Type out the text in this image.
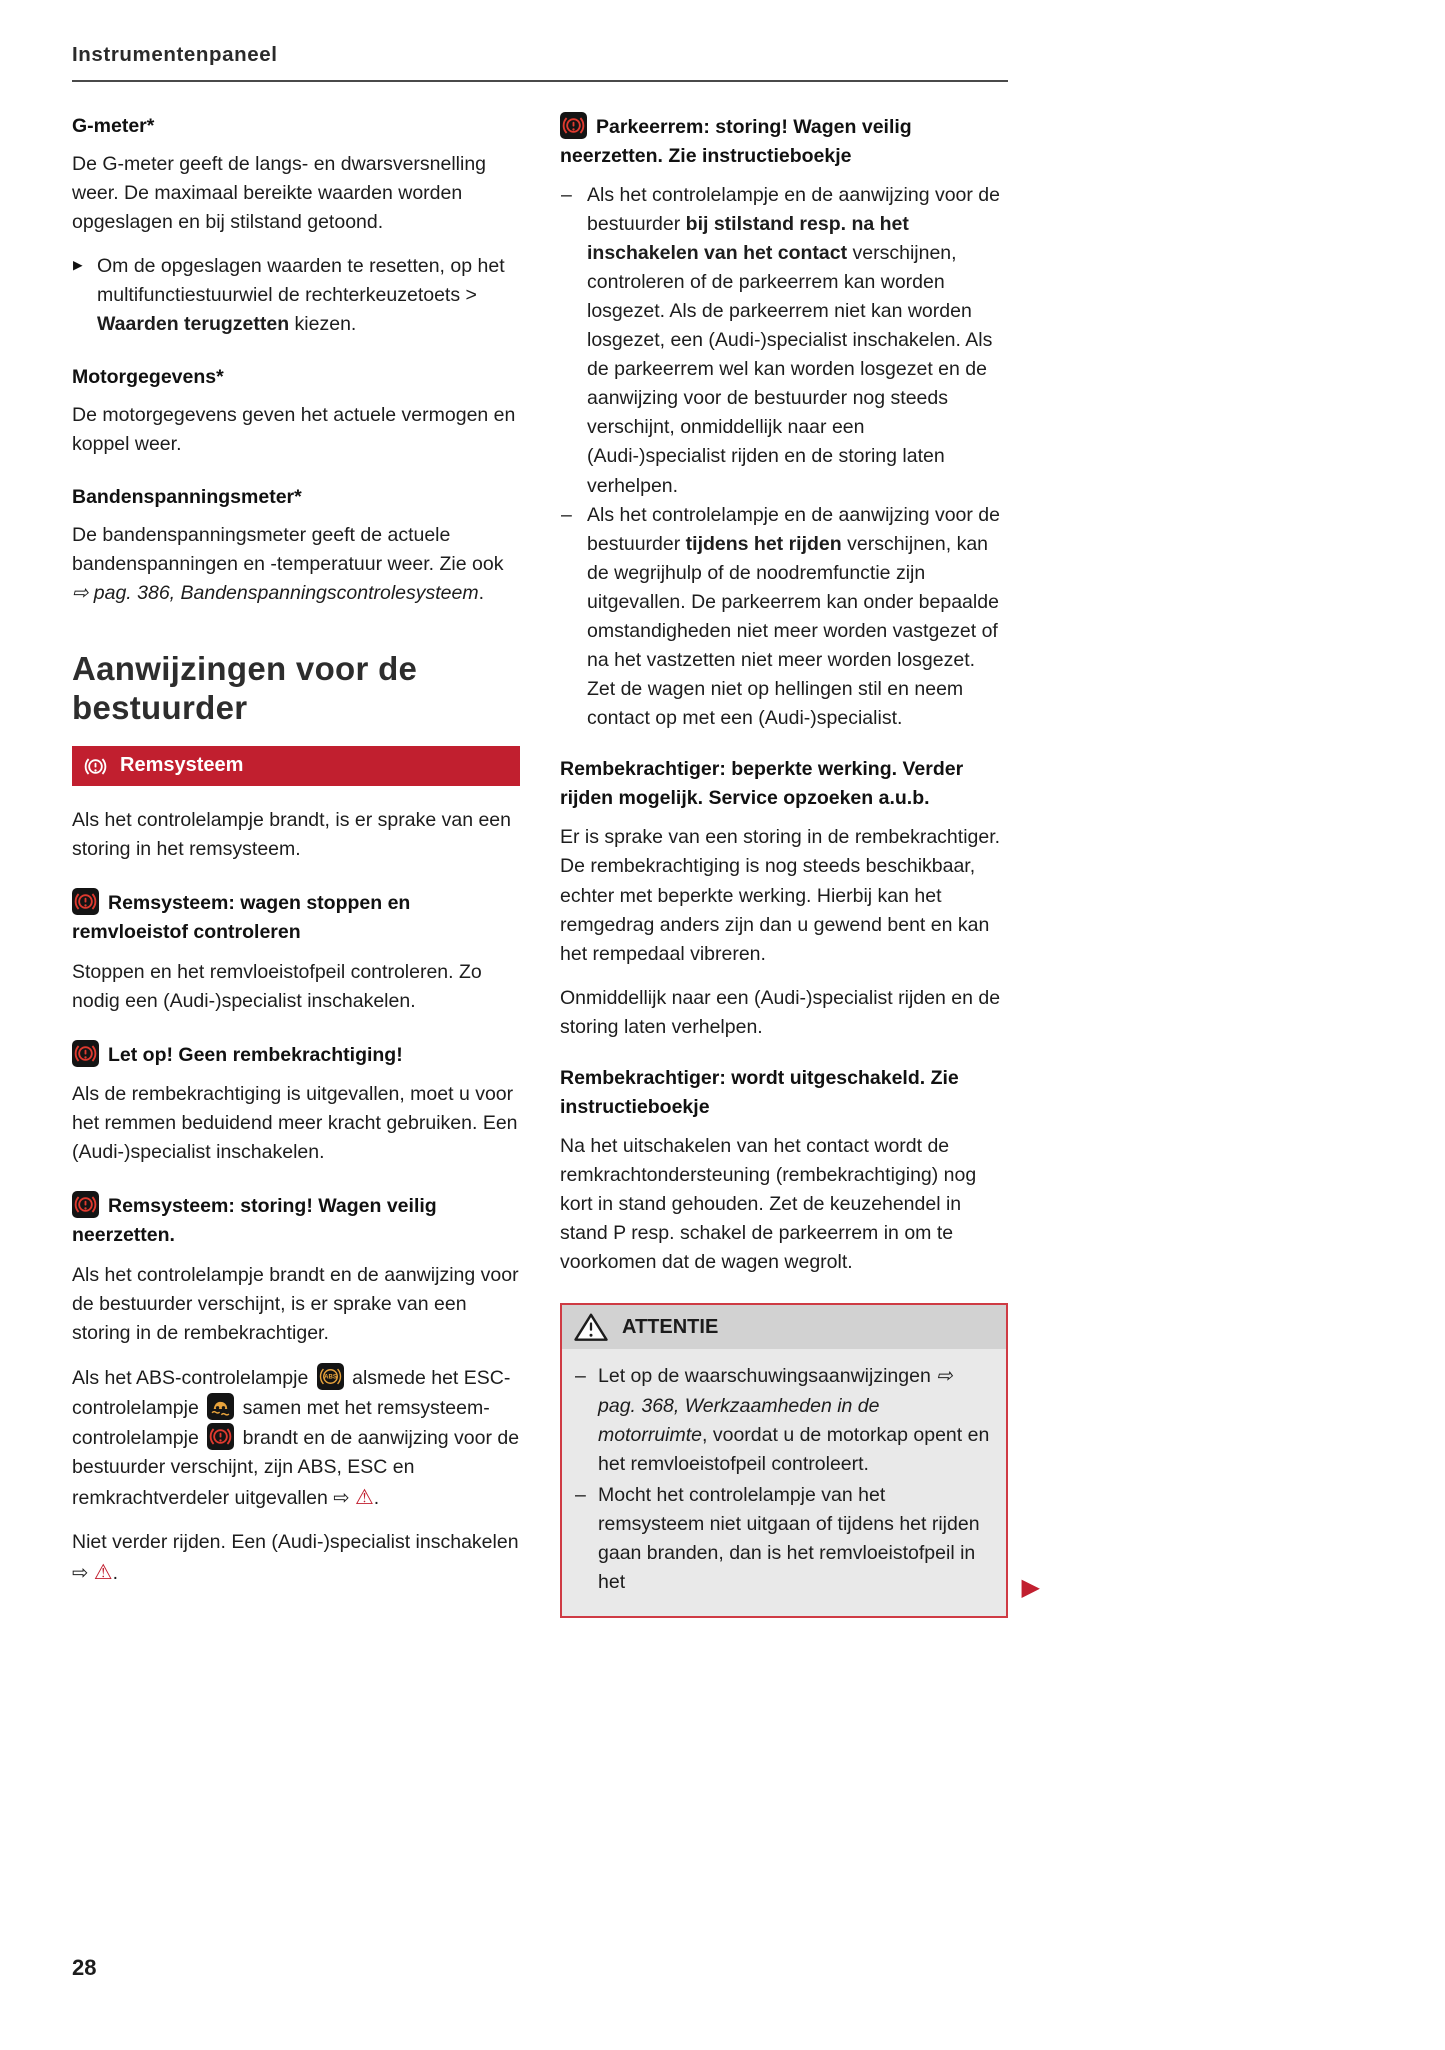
Instrumentenpaneel
G-meter*

De G-meter geeft de langs- en dwarsversnelling weer. De maximaal bereikte waarden worden opgeslagen en bij stilstand getoond.

▶ Om de opgeslagen waarden te resetten, op het multifunctiestuurwiel de rechterkeuzetoets > Waarden terugzetten kiezen.
Motorgegevens*

De motorgegevens geven het actuele vermogen en koppel weer.

Bandenspanningsmeter*

De bandenspanningsmeter geeft de actuele bandenspanningen en -temperatuur weer. Zie ook ⇨ pag. 386, Bandenspanningscontrolesysteem.

Aanwijzingen voor de bestuurder
Remsysteem

Als het controlelampje brandt, is er sprake van een storing in het remsysteem.

Remsysteem: wagen stoppen en remvloeistof controleren

Stoppen en het remvloeistofpeil controleren. Zo nodig een (Audi-)specialist inschakelen.

Let op! Geen rembekrachtiging!

Als de rembekrachtiging is uitgevallen, moet u voor het remmen beduidend meer kracht gebruiken. Een (Audi-)specialist inschakelen.

Remsysteem: storing! Wagen veilig neerzetten.

Als het controlelampje brandt en de aanwijzing voor de bestuurder verschijnt, is er sprake van een storing in de rembekrachtiger.

Als het ABS-controlelampje  alsmede het ESC-controlelampje  samen met het remsysteem-controlelampje  brandt en de aanwijzing voor de bestuurder verschijnt, zijn ABS, ESC en remkrachtverdeler uitgevallen ⇨ ⚠.

Niet verder rijden. Een (Audi-)specialist inschakelen ⇨ ⚠.

Parkeerrem: storing! Wagen veilig neerzetten. Zie instructieboekje
– Als het controlelampje en de aanwijzing voor de bestuurder bij stilstand resp. na het inschakelen van het contact verschijnen, controleren of de parkeerrem kan worden losgezet. Als de parkeerrem niet kan worden losgezet, een (Audi-)specialist inschakelen. Als de parkeerrem wel kan worden losgezet en de aanwijzing voor de bestuurder nog steeds verschijnt, onmiddellijk naar een (Audi-)specialist rijden en de storing laten verhelpen.
– Als het controlelampje en de aanwijzing voor de bestuurder tijdens het rijden verschijnen, kan de wegrijhulp of de noodremfunctie zijn uitgevallen. De parkeerrem kan onder bepaalde omstandigheden niet meer worden vastgezet of na het vastzetten niet meer worden losgezet. Zet de wagen niet op hellingen stil en neem contact op met een (Audi-)specialist.
Rembekrachtiger: beperkte werking. Verder rijden mogelijk. Service opzoeken a.u.b.

Er is sprake van een storing in de rembekrachtiger. De rembekrachtiging is nog steeds beschikbaar, echter met beperkte werking. Hierbij kan het remgedrag anders zijn dan u gewend bent en kan het rempedaal vibreren.

Onmiddellijk naar een (Audi-)specialist rijden en de storing laten verhelpen.

Rembekrachtiger: wordt uitgeschakeld. Zie instructieboekje

Na het uitschakelen van het contact wordt de remkrachtondersteuning (rembekrachtiging) nog kort in stand gehouden. Zet de keuzehendel in stand P resp. schakel de parkeerrem in om te voorkomen dat de wagen wegrolt.

ATTENTIE
– Let op de waarschuwingsaanwijzingen ⇨ pag. 368, Werkzaamheden in de motorruimte, voordat u de motorkap opent en het remvloeistofpeil controleert.
– Mocht het controlelampje van het remsysteem niet uitgaan of tijdens het rijden gaan branden, dan is het remvloeistofpeil in het	▶
28
